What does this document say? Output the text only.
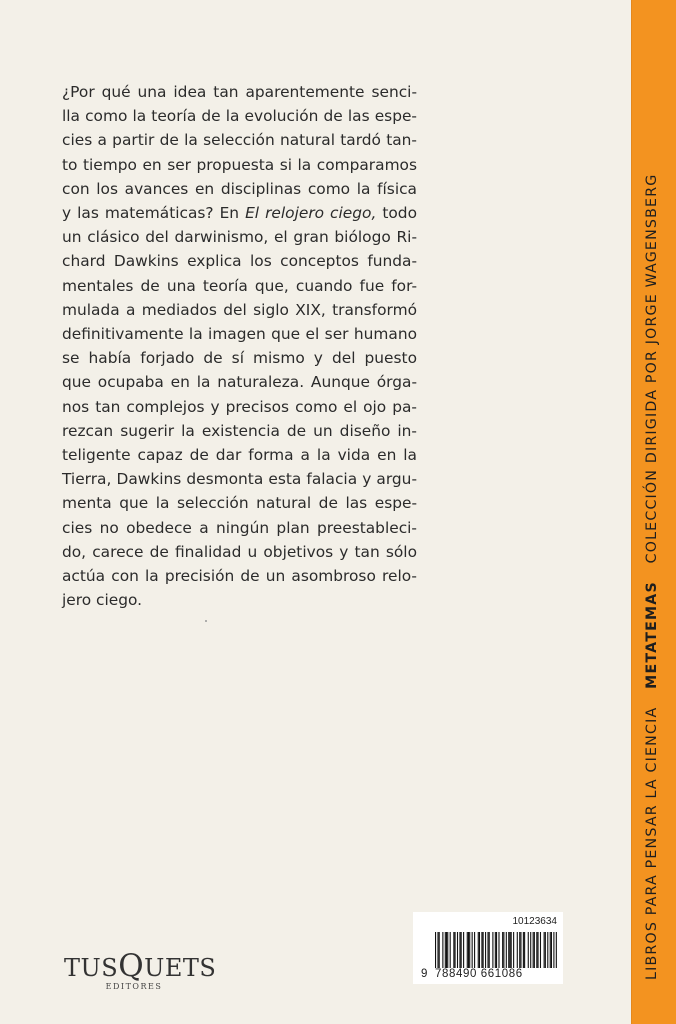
¿Por qué una idea tan aparentemente senci-
lla como la teoría de la evolución de las espe-
cies a partir de la selección natural tardó tan-
to tiempo en ser propuesta si la comparamos
con los avances en disciplinas como la física
y las matemáticas? En El relojero ciego, todo
un clásico del darwinismo, el gran biólogo Ri-
chard Dawkins explica los conceptos funda-
mentales de una teoría que, cuando fue for-
mulada a mediados del siglo XIX, transformó
definitivamente la imagen que el ser humano
se había forjado de sí mismo y del puesto
que ocupaba en la naturaleza. Aunque órga-
nos tan complejos y precisos como el ojo pa-
rezcan sugerir la existencia de un diseño in-
teligente capaz de dar forma a la vida en la
Tierra, Dawkins desmonta esta falacia y argu-
menta que la selección natural de las espe-
cies no obedece a ningún plan preestableci-
do, carece de finalidad u objetivos y tan sólo
actúa con la precisión de un asombroso relo-
jero ciego.
LIBROS PARA PENSAR LA CIENCIA METATEMAS COLECCIÓN DIRIGIDA POR JORGE WAGENSBERG
TUSQUETS
EDITORES
10123634
9 788490 661086
